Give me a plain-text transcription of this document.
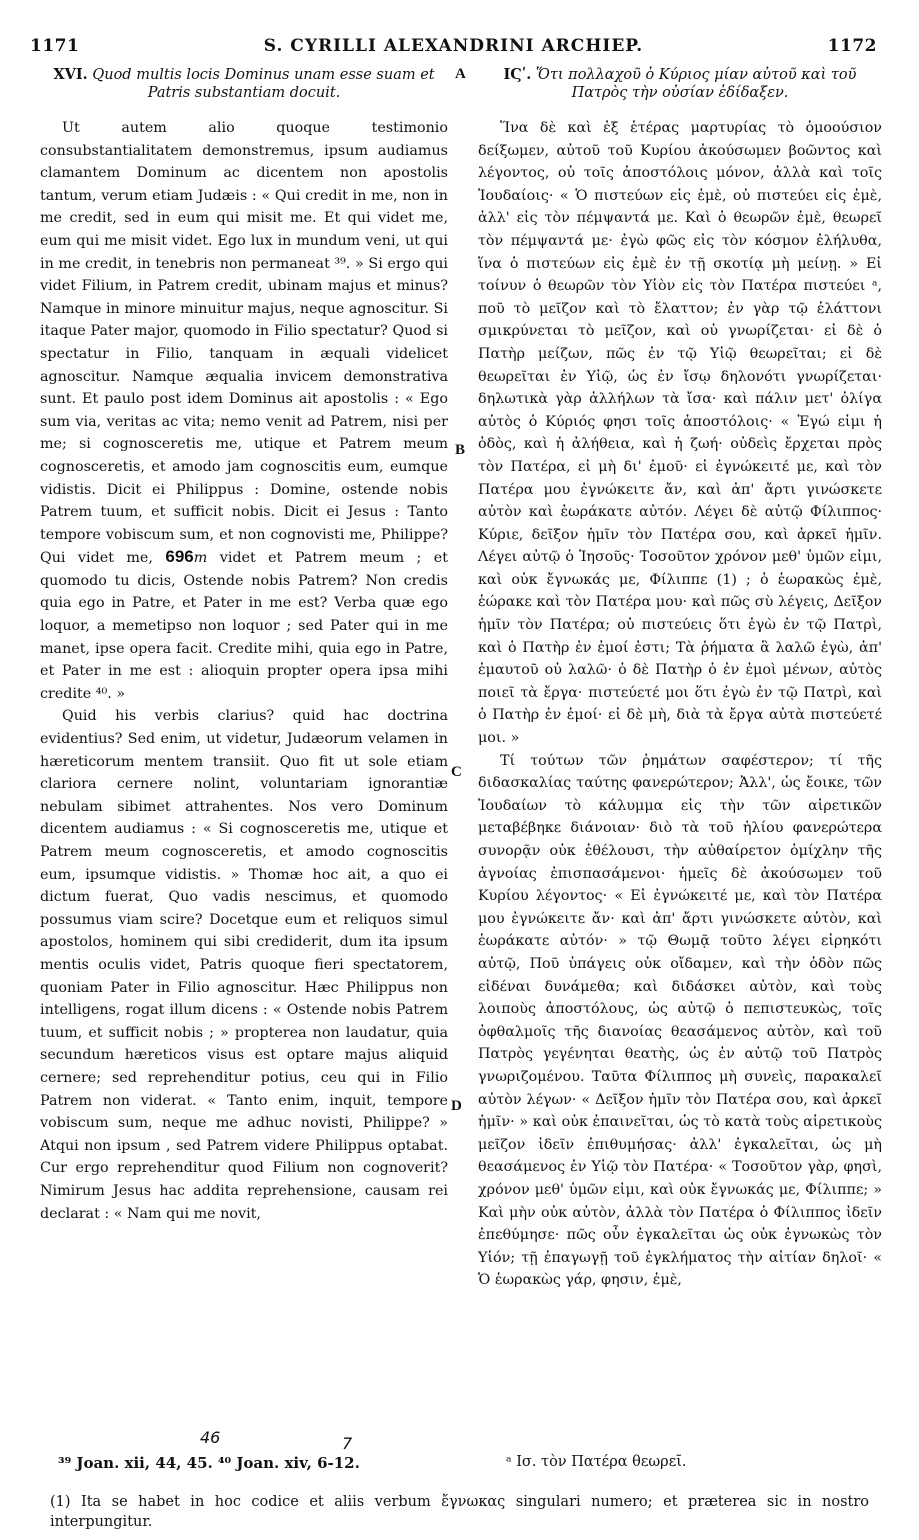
1171	S. CYRILLI ALEXANDRINI ARCHIEP.	1172
XVI. Quod multis locis Dominus unam esse suam et Patris substantiam docuit.

Ut autem alio quoque testimonio consubstantialitatem demonstremus, ipsum audiamus clamantem Dominum ac dicentem non apostolis tantum, verum etiam Judæis : « Qui credit in me, non in me credit, sed in eum qui misit me. Et qui videt me, eum qui me misit videt. Ego lux in mundum veni, ut qui in me credit, in tenebris non permaneat ³⁹. » Si ergo qui videt Filium, in Patrem credit, ubinam majus et minus? Namque in minore minuitur majus, neque agnoscitur. Si itaque Pater major, quomodo in Filio spectatur? Quod si spectatur in Filio, tanquam in æquali videlicet agnoscitur. Namque æqualia invicem demonstrativa sunt. Et paulo post idem Dominus ait apostolis : « Ego sum via, veritas ac vita; nemo venit ad Patrem, nisi per me; si cognosceretis me, utique et Patrem meum cognosceretis, et amodo jam cognoscitis eum, eumque vidistis. Dicit ei Philippus : Domine, ostende nobis Patrem tuum, et sufficit nobis. Dicit ei Jesus : Tanto tempore vobiscum sum, et non cognovisti me, Philippe? Qui videt me, 696m videt et Patrem meum ; et quomodo tu dicis, Ostende nobis Patrem? Non credis quia ego in Patre, et Pater in me est? Verba quæ ego loquor, a memetipso non loquor ; sed Pater qui in me manet, ipse opera facit. Credite mihi, quia ego in Patre, et Pater in me est : alioquin propter opera ipsa mihi credite ⁴⁰. »

Quid his verbis clarius? quid hac doctrina evidentius? Sed enim, ut videtur, Judæorum velamen in hæreticorum mentem transiit. Quo fit ut sole etiam clariora cernere nolint, voluntariam ignorantiæ nebulam sibimet attrahentes. Nos vero Dominum dicentem audiamus : « Si cognosceretis me, utique et Patrem meum cognosceretis, et amodo cognoscitis eum, ipsumque vidistis. » Thomæ hoc ait, a quo ei dictum fuerat, Quo vadis nescimus, et quomodo possumus viam scire? Docetque eum et reliquos simul apostolos, hominem qui sibi crediderit, dum ita ipsum mentis oculis videt, Patris quoque fieri spectatorem, quoniam Pater in Filio agnoscitur. Hæc Philippus non intelligens, rogat illum dicens : « Ostende nobis Patrem tuum, et sufficit nobis ; » propterea non laudatur, quia secundum hæreticos visus est optare majus aliquid cernere; sed reprehenditur potius, ceu qui in Filio Patrem non viderat. « Tanto enim, inquit, tempore vobiscum sum, neque me adhuc novisti, Philippe? » Atqui non ipsum , sed Patrem videre Philippus optabat. Cur ergo reprehenditur quod Filium non cognoverit? Nimirum Jesus hac addita reprehensione, causam rei declarat : « Nam qui me novit,

A
B
C
D
ΙϚʹ. Ὅτι πολλαχοῦ ὁ Κύριος μίαν αὐτοῦ καὶ τοῦ Πατρὸς τὴν οὐσίαν ἐδίδαξεν.

Ἵνα δὲ καὶ ἐξ ἑτέρας μαρτυρίας τὸ ὁμοούσιον δείξωμεν, αὐτοῦ τοῦ Κυρίου ἀκούσωμεν βοῶντος καὶ λέγοντος, οὐ τοῖς ἀποστόλοις μόνον, ἀλλὰ καὶ τοῖς Ἰουδαίοις· « Ὁ πιστεύων εἰς ἐμὲ, οὐ πιστεύει εἰς ἐμὲ, ἀλλ' εἰς τὸν πέμψαντά με. Καὶ ὁ θεωρῶν ἐμὲ, θεωρεῖ τὸν πέμψαντά με· ἐγὼ φῶς εἰς τὸν κόσμον ἐλήλυθα, ἵνα ὁ πιστεύων εἰς ἐμὲ ἐν τῇ σκοτίᾳ μὴ μείνῃ. » Εἰ τοίνυν ὁ θεωρῶν τὸν Υἱὸν εἰς τὸν Πατέρα πιστεύει ᵃ, ποῦ τὸ μεῖζον καὶ τὸ ἔλαττον; ἐν γὰρ τῷ ἐλάττονι σμικρύνεται τὸ μεῖζον, καὶ οὐ γνωρίζεται· εἰ δὲ ὁ Πατὴρ μείζων, πῶς ἐν τῷ Υἱῷ θεωρεῖται; εἰ δὲ θεωρεῖται ἐν Υἱῷ, ὡς ἐν ἴσῳ δηλονότι γνωρίζεται· δηλωτικὰ γὰρ ἀλλήλων τὰ ἴσα· καὶ πάλιν μετ' ὀλίγα αὐτὸς ὁ Κύριός φησι τοῖς ἀποστόλοις· « Ἐγώ εἰμι ἡ ὁδὸς, καὶ ἡ ἀλήθεια, καὶ ἡ ζωή· οὐδεὶς ἔρχεται πρὸς τὸν Πατέρα, εἰ μὴ δι' ἐμοῦ· εἰ ἐγνώκειτέ με, καὶ τὸν Πατέρα μου ἐγνώκειτε ἄν, καὶ ἀπ' ἄρτι γινώσκετε αὐτὸν καὶ ἑωράκατε αὐτόν. Λέγει δὲ αὐτῷ Φίλιππος· Κύριε, δεῖξον ἡμῖν τὸν Πατέρα σου, καὶ ἀρκεῖ ἡμῖν. Λέγει αὐτῷ ὁ Ἰησοῦς· Τοσοῦτον χρόνον μεθ' ὑμῶν εἰμι, καὶ οὐκ ἔγνωκάς με, Φίλιππε (1) ; ὁ ἑωρακὼς ἐμὲ, ἑώρακε καὶ τὸν Πατέρα μου· καὶ πῶς σὺ λέγεις, Δεῖξον ἡμῖν τὸν Πατέρα; οὐ πιστεύεις ὅτι ἐγὼ ἐν τῷ Πατρὶ, καὶ ὁ Πατὴρ ἐν ἐμοί ἐστι; Τὰ ῥήματα ἃ λαλῶ ἐγὼ, ἀπ' ἐμαυτοῦ οὐ λαλῶ· ὁ δὲ Πατὴρ ὁ ἐν ἐμοὶ μένων, αὐτὸς ποιεῖ τὰ ἔργα· πιστεύετέ μοι ὅτι ἐγὼ ἐν τῷ Πατρὶ, καὶ ὁ Πατὴρ ἐν ἐμοί· εἰ δὲ μὴ, διὰ τὰ ἔργα αὐτὰ πιστεύετέ μοι. »

Τί τούτων τῶν ῥημάτων σαφέστερον; τί τῆς διδασκαλίας ταύτης φανερώτερον; Ἀλλ', ὡς ἔοικε, τῶν Ἰουδαίων τὸ κάλυμμα εἰς τὴν τῶν αἱρετικῶν μεταβέβηκε διάνοιαν· διὸ τὰ τοῦ ἡλίου φανερώτερα συνορᾷν οὐκ ἐθέλουσι, τὴν αὐθαίρετον ὁμίχλην τῆς ἀγνοίας ἐπισπασάμενοι· ἡμεῖς δὲ ἀκούσωμεν τοῦ Κυρίου λέγοντος· « Εἰ ἐγνώκειτέ με, καὶ τὸν Πατέρα μου ἐγνώκειτε ἄν· καὶ ἀπ' ἄρτι γινώσκετε αὐτὸν, καὶ ἑωράκατε αὐτόν· » τῷ Θωμᾷ τοῦτο λέγει εἰρηκότι αὐτῷ, Ποῦ ὑπάγεις οὐκ οἴδαμεν, καὶ τὴν ὁδὸν πῶς εἰδέναι δυνάμεθα; καὶ διδάσκει αὐτὸν, καὶ τοὺς λοιποὺς ἀποστόλους, ὡς αὐτῷ ὁ πεπιστευκὼς, τοῖς ὀφθαλμοῖς τῆς διανοίας θεασάμενος αὐτὸν, καὶ τοῦ Πατρὸς γεγένηται θεατὴς, ὡς ἐν αὐτῷ τοῦ Πατρὸς γνωριζομένου. Ταῦτα Φίλιππος μὴ συνεὶς, παρακαλεῖ αὐτὸν λέγων· « Δεῖξον ἡμῖν τὸν Πατέρα σου, καὶ ἀρκεῖ ἡμῖν· » καὶ οὐκ ἐπαινεῖται, ὡς τὸ κατὰ τοὺς αἱρετικοὺς μεῖζον ἰδεῖν ἐπιθυμήσας· ἀλλ' ἐγκαλεῖται, ὡς μὴ θεασάμενος ἐν Υἱῷ τὸν Πατέρα· « Τοσοῦτον γὰρ, φησὶ, χρόνον μεθ' ὑμῶν εἰμι, καὶ οὐκ ἔγνωκάς με, Φίλιππε; » Καὶ μὴν οὐκ αὐτὸν, ἀλλὰ τὸν Πατέρα ὁ Φίλιππος ἰδεῖν ἐπεθύμησε· πῶς οὖν ἐγκαλεῖται ὡς οὐκ ἐγνωκὼς τὸν Υἱόν; τῇ ἐπαγωγῇ τοῦ ἐγκλήματος τὴν αἰτίαν δηλοῖ· « Ὁ ἑωρακὼς γάρ, φησιν, ἐμὲ,

³⁹ Joan. xii, 44, 45. ⁴⁰ Joan. xiv, 6-12.
46	7
ᵃ Ισ. τὸν Πατέρα θεωρεῖ.
(1) Ita se habet in hoc codice et aliis verbum ἔγνωκας singulari numero; et præterea sic in nostro interpungitur.
